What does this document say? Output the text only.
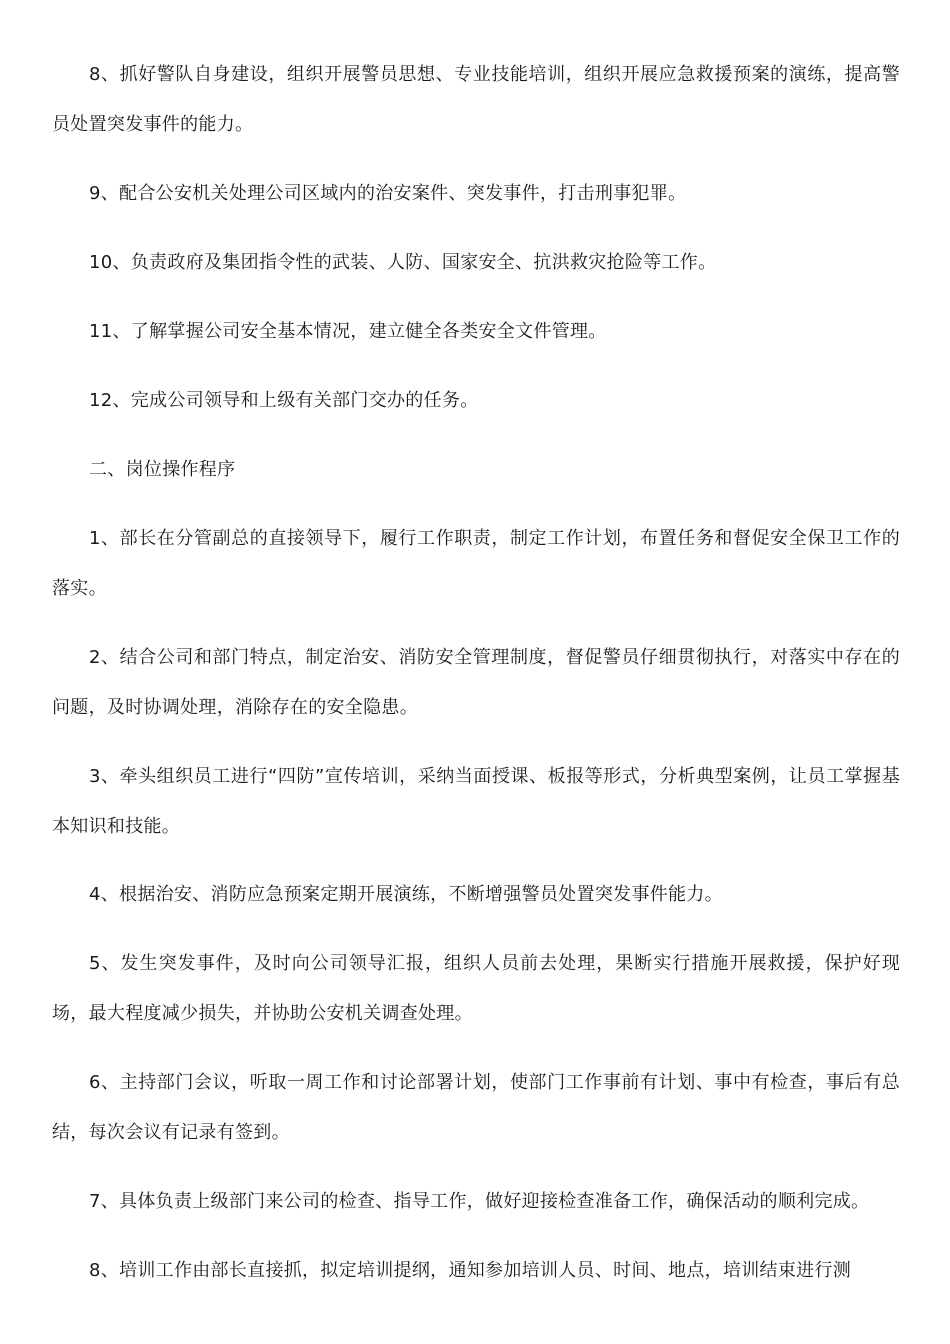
8、抓好警队自身建设，组织开展警员思想、专业技能培训，组织开展应急救援预案的演练，提高警员处置突发事件的能力。

9、配合公安机关处理公司区域内的治安案件、突发事件，打击刑事犯罪。

10、负责政府及集团指令性的武装、人防、国家安全、抗洪救灾抢险等工作。

11、了解掌握公司安全基本情况，建立健全各类安全文件管理。

12、完成公司领导和上级有关部门交办的任务。

二、岗位操作程序

1、部长在分管副总的直接领导下，履行工作职责，制定工作计划，布置任务和督促安全保卫工作的落实。

2、结合公司和部门特点，制定治安、消防安全管理制度，督促警员仔细贯彻执行，对落实中存在的问题，及时协调处理，消除存在的安全隐患。

3、牵头组织员工进行“四防”宣传培训，采纳当面授课、板报等形式，分析典型案例，让员工掌握基本知识和技能。

4、根据治安、消防应急预案定期开展演练，不断增强警员处置突发事件能力。

5、发生突发事件，及时向公司领导汇报，组织人员前去处理，果断实行措施开展救援，保护好现场，最大程度减少损失，并协助公安机关调查处理。

6、主持部门会议，听取一周工作和讨论部署计划，使部门工作事前有计划、事中有检查，事后有总结，每次会议有记录有签到。

7、具体负责上级部门来公司的检查、指导工作，做好迎接检查准备工作，确保活动的顺利完成。

8、培训工作由部长直接抓，拟定培训提纲，通知参加培训人员、时间、地点，培训结束进行测
